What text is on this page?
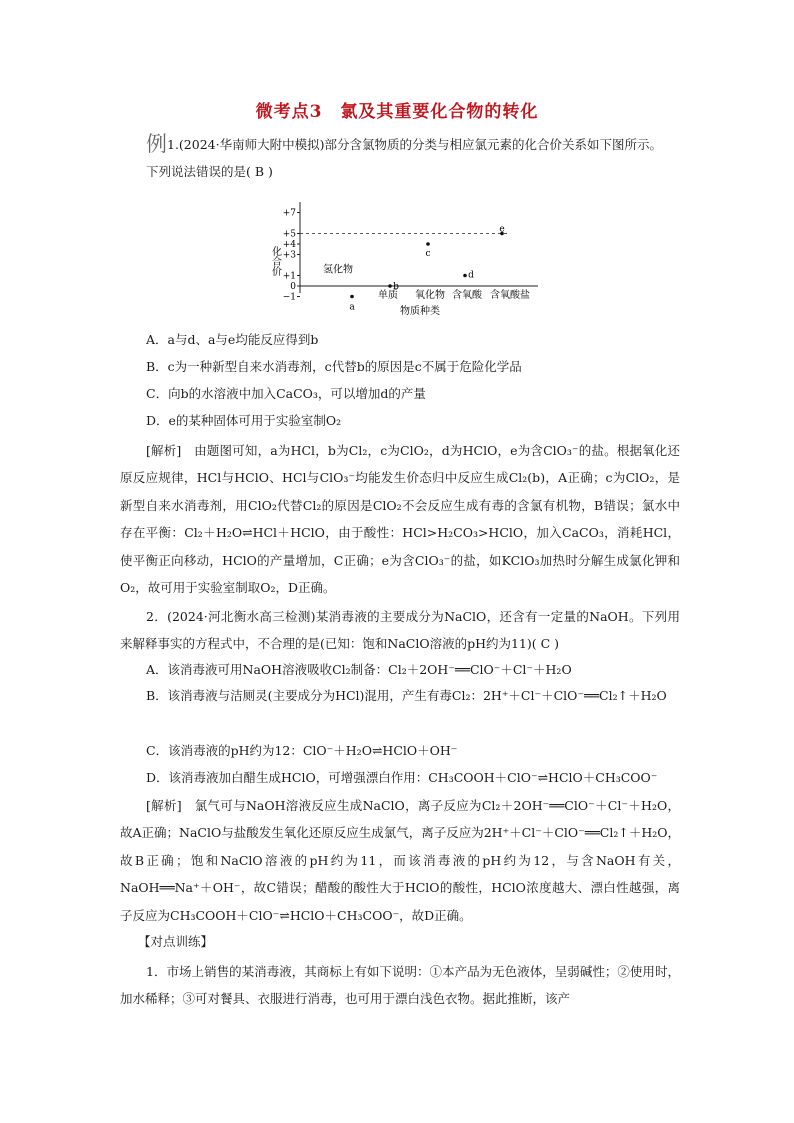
微考点3　氯及其重要化合物的转化
例1.(2024·华南师大附中模拟)部分含氯物质的分类与相应氯元素的化合价关系如下图所示。下列说法错误的是( B )
+7
+5
+4
+3
+1
0
−1
化合价	氢化物
单质 氧化物 含氧酸 含氧酸盐
a
b
c
d
e
物质种类
A．a与d、a与e均能反应得到b
B．c为一种新型自来水消毒剂，c代替b的原因是c不属于危险化学品
C．向b的水溶液中加入CaCO₃，可以增加d的产量
D．e的某种固体可用于实验室制O₂
[解析]　由题图可知，a为HCl，b为Cl₂，c为ClO₂，d为HClO，e为含ClO₃⁻的盐。根据氧化还原反应规律，HCl与HClO、HCl与ClO₃⁻均能发生价态归中反应生成Cl₂(b)，A正确；c为ClO₂，是新型自来水消毒剂，用ClO₂代替Cl₂的原因是ClO₂不会反应生成有毒的含氯有机物，B错误；氯水中存在平衡：Cl₂＋H₂O⇌HCl＋HClO，由于酸性：HCl>H₂CO₃>HClO，加入CaCO₃，消耗HCl，使平衡正向移动，HClO的产量增加，C正确；e为含ClO₃⁻的盐，如KClO₃加热时分解生成氯化钾和O₂，故可用于实验室制取O₂，D正确。
2．(2024·河北衡水高三检测)某消毒液的主要成分为NaClO，还含有一定量的NaOH。下列用来解释事实的方程式中，不合理的是(已知：饱和NaClO溶液的pH约为11)( C )
A．该消毒液可用NaOH溶液吸收Cl₂制备：Cl₂＋2OH⁻══ClO⁻＋Cl⁻＋H₂O
B．该消毒液与洁厕灵(主要成分为HCl)混用，产生有毒Cl₂：2H⁺＋Cl⁻＋ClO⁻══Cl₂↑＋H₂O
C．该消毒液的pH约为12：ClO⁻＋H₂O⇌HClO＋OH⁻
D．该消毒液加白醋生成HClO，可增强漂白作用：CH₃COOH＋ClO⁻⇌HClO＋CH₃COO⁻
[解析]　氯气可与NaOH溶液反应生成NaClO，离子反应为Cl₂＋2OH⁻══ClO⁻＋Cl⁻＋H₂O，故A正确；NaClO与盐酸发生氧化还原反应生成氯气，离子反应为2H⁺＋Cl⁻＋ClO⁻══Cl₂↑＋H₂O，故B正确；饱和NaClO溶液的pH约为11，而该消毒液的pH约为12，与含NaOH有关，NaOH══Na⁺＋OH⁻，故C错误；醋酸的酸性大于HClO的酸性，HClO浓度越大、漂白性越强，离子反应为CH₃COOH＋ClO⁻⇌HClO＋CH₃COO⁻，故D正确。
【对点训练】
1．市场上销售的某消毒液，其商标上有如下说明：①本产品为无色液体，呈弱碱性；②使用时，加水稀释；③可对餐具、衣服进行消毒，也可用于漂白浅色衣物。据此推断，该产
